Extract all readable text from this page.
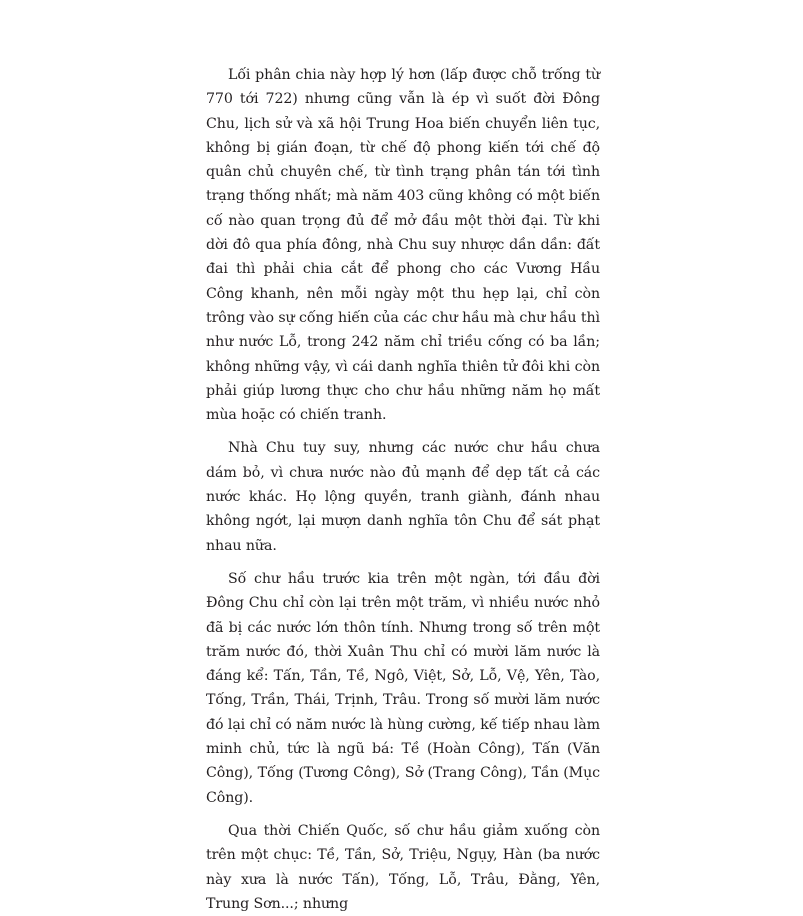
Lối phân chia này hợp lý hơn (lấp được chỗ trống từ 770 tới 722) nhưng cũng vẫn là ép vì suốt đời Đông Chu, lịch sử và xã hội Trung Hoa biến chuyển liên tục, không bị gián đoạn, từ chế độ phong kiến tới chế độ quân chủ chuyên chế, từ tình trạng phân tán tới tình trạng thống nhất; mà năm 403 cũng không có một biến cố nào quan trọng đủ để mở đầu một thời đại. Từ khi dời đô qua phía đông, nhà Chu suy nhược dần dần: đất đai thì phải chia cắt để phong cho các Vương Hầu Công khanh, nên mỗi ngày một thu hẹp lại, chỉ còn trông vào sự cống hiến của các chư hầu mà chư hầu thì như nước Lỗ, trong 242 năm chỉ triều cống có ba lần; không những vậy, vì cái danh nghĩa thiên tử đôi khi còn phải giúp lương thực cho chư hầu những năm họ mất mùa hoặc có chiến tranh.

Nhà Chu tuy suy, nhưng các nước chư hầu chưa dám bỏ, vì chưa nước nào đủ mạnh để dẹp tất cả các nước khác. Họ lộng quyền, tranh giành, đánh nhau không ngớt, lại mượn danh nghĩa tôn Chu để sát phạt nhau nữa.

Số chư hầu trước kia trên một ngàn, tới đầu đời Đông Chu chỉ còn lại trên một trăm, vì nhiều nước nhỏ đã bị các nước lớn thôn tính. Nhưng trong số trên một trăm nước đó, thời Xuân Thu chỉ có mười lăm nước là đáng kể: Tấn, Tần, Tề, Ngô, Việt, Sở, Lỗ, Vệ, Yên, Tào, Tống, Trần, Thái, Trịnh, Trâu. Trong số mười lăm nước đó lại chỉ có năm nước là hùng cường, kế tiếp nhau làm minh chủ, tức là ngũ bá: Tề (Hoàn Công), Tấn (Văn Công), Tống (Tương Công), Sở (Trang Công), Tần (Mục Công).

Qua thời Chiến Quốc, số chư hầu giảm xuống còn trên một chục: Tề, Tần, Sở, Triệu, Ngụy, Hàn (ba nước này xưa là nước Tấn), Tống, Lỗ, Trâu, Đằng, Yên, Trung Sơn...; nhưng
